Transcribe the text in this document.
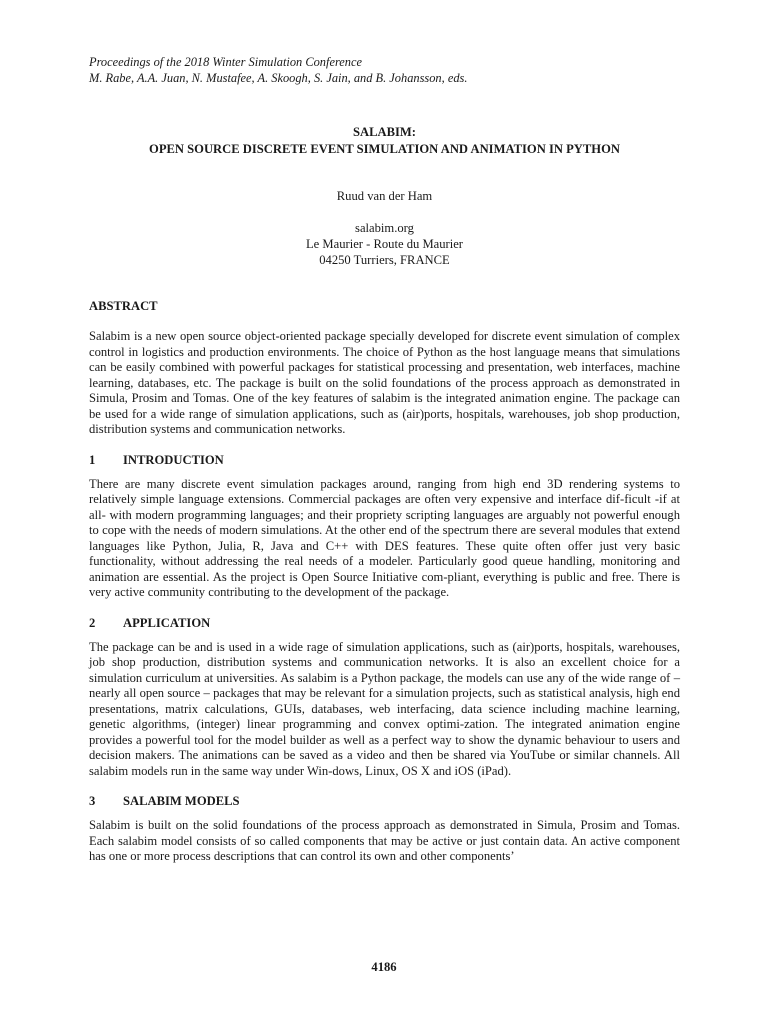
Proceedings of the 2018 Winter Simulation Conference
M. Rabe, A.A. Juan, N. Mustafee, A. Skoogh, S. Jain, and B. Johansson, eds.
SALABIM:
OPEN SOURCE DISCRETE EVENT SIMULATION AND ANIMATION IN PYTHON
Ruud van der Ham
salabim.org
Le Maurier - Route du Maurier
04250 Turriers, FRANCE
ABSTRACT

Salabim is a new open source object-oriented package specially developed for discrete event simulation of complex control in logistics and production environments. The choice of Python as the host language means that simulations can be easily combined with powerful packages for statistical processing and presentation, web interfaces, machine learning, databases, etc. The package is built on the solid foundations of the process approach as demonstrated in Simula, Prosim and Tomas. One of the key features of salabim is the integrated animation engine. The package can be used for a wide range of simulation applications, such as (air)ports, hospitals, warehouses, job shop production, distribution systems and communication networks.

1 INTRODUCTION

There are many discrete event simulation packages around, ranging from high end 3D rendering systems to relatively simple language extensions. Commercial packages are often very expensive and interface dif-ficult -if at all- with modern programming languages; and their propriety scripting languages are arguably not powerful enough to cope with the needs of modern simulations. At the other end of the spectrum there are several modules that extend languages like Python, Julia, R, Java and C++ with DES features. These quite often offer just very basic functionality, without addressing the real needs of a modeler. Particularly good queue handling, monitoring and animation are essential. As the project is Open Source Initiative com-pliant, everything is public and free. There is very active community contributing to the development of the package.

2 APPLICATION

The package can be and is used in a wide rage of simulation applications, such as (air)ports, hospitals, warehouses, job shop production, distribution systems and communication networks. It is also an excellent choice for a simulation curriculum at universities. As salabim is a Python package, the models can use any of the wide range of – nearly all open source – packages that may be relevant for a simulation projects, such as statistical analysis, high end presentations, matrix calculations, GUIs, databases, web interfacing, data science including machine learning, genetic algorithms, (integer) linear programming and convex optimi-zation. The integrated animation engine provides a powerful tool for the model builder as well as a perfect way to show the dynamic behaviour to users and decision makers. The animations can be saved as a video and then be shared via YouTube or similar channels. All salabim models run in the same way under Win-dows, Linux, OS X and iOS (iPad).

3 SALABIM MODELS

Salabim is built on the solid foundations of the process approach as demonstrated in Simula, Prosim and Tomas. Each salabim model consists of so called components that may be active or just contain data. An active component has one or more process descriptions that can control its own and other components’

4186
